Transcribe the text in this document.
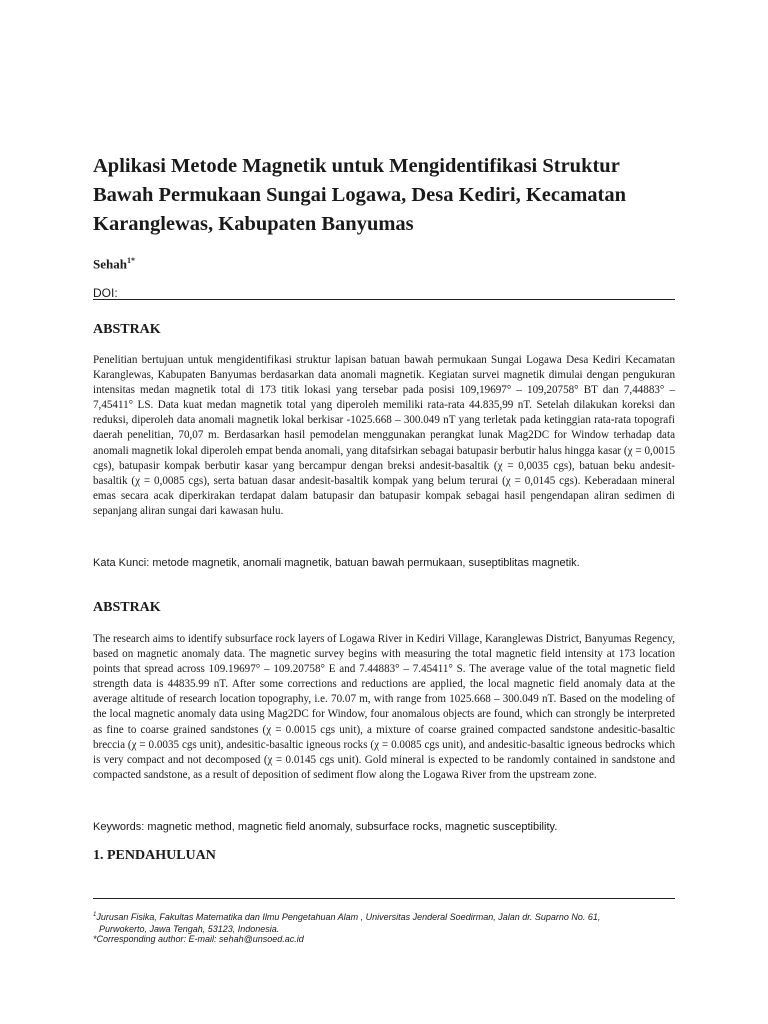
Aplikasi Metode Magnetik untuk Mengidentifikasi Struktur Bawah Permukaan Sungai Logawa, Desa Kediri, Kecamatan Karanglewas, Kabupaten Banyumas
Sehah$^{1*}$
DOI:
ABSTRAK

Penelitian bertujuan untuk mengidentifikasi struktur lapisan batuan bawah permukaan Sungai Logawa Desa Kediri Kecamatan Karanglewas, Kabupaten Banyumas berdasarkan data anomali magnetik. Kegiatan survei magnetik dimulai dengan pengukuran intensitas medan magnetik total di 173 titik lokasi yang tersebar pada posisi 109,19697° – 109,20758° BT dan 7,44883° – 7,45411° LS. Data kuat medan magnetik total yang diperoleh memiliki rata-rata 44.835,99 nT. Setelah dilakukan koreksi dan reduksi, diperoleh data anomali magnetik lokal berkisar -1025.668 – 300.049 nT yang terletak pada ketinggian rata-rata topografi daerah penelitian, 70,07 m. Berdasarkan hasil pemodelan menggunakan perangkat lunak Mag2DC for Window terhadap data anomali magnetik lokal diperoleh empat benda anomali, yang ditafsirkan sebagai batupasir berbutir halus hingga kasar (χ = 0,0015 cgs), batupasir kompak berbutir kasar yang bercampur dengan breksi andesit-basaltik (χ = 0,0035 cgs), batuan beku andesit-basaltik (χ = 0,0085 cgs), serta batuan dasar andesit-basaltik kompak yang belum terurai (χ = 0,0145 cgs). Keberadaan mineral emas secara acak diperkirakan terdapat dalam batupasir dan batupasir kompak sebagai hasil pengendapan aliran sedimen di sepanjang aliran sungai dari kawasan hulu.

Kata Kunci: metode magnetik, anomali magnetik, batuan bawah permukaan, suseptiblitas magnetik.

ABSTRAK

The research aims to identify subsurface rock layers of Logawa River in Kediri Village, Karanglewas District, Banyumas Regency, based on magnetic anomaly data. The magnetic survey begins with measuring the total magnetic field intensity at 173 location points that spread across 109.19697° – 109.20758° E and 7.44883° – 7.45411° S. The average value of the total magnetic field strength data is 44835.99 nT. After some corrections and reductions are applied, the local magnetic field anomaly data at the average altitude of research location topography, i.e. 70.07 m, with range from 1025.668 – 300.049 nT. Based on the modeling of the local magnetic anomaly data using Mag2DC for Window, four anomalous objects are found, which can strongly be interpreted as fine to coarse grained sandstones (χ = 0.0015 cgs unit), a mixture of coarse grained compacted sandstone andesitic-basaltic breccia (χ = 0.0035 cgs unit), andesitic-basaltic igneous rocks (χ = 0.0085 cgs unit), and andesitic-basaltic igneous bedrocks which is very compact and not decomposed (χ = 0.0145 cgs unit). Gold mineral is expected to be randomly contained in sandstone and compacted sandstone, as a result of deposition of sediment flow along the Logawa River from the upstream zone.

Keywords: magnetic method, magnetic field anomaly, subsurface rocks, magnetic susceptibility.

1. PENDAHULUAN

$^1$Jurusan Fisika, Fakultas Matematika dan Ilmu Pengetahuan Alam , Universitas Jenderal Soedirman, Jalan dr. Suparno No. 61,
Purwokerto, Jawa Tengah, 53123, Indonesia.

*Corresponding author: E-mail: sehah@unsoed.ac.id
